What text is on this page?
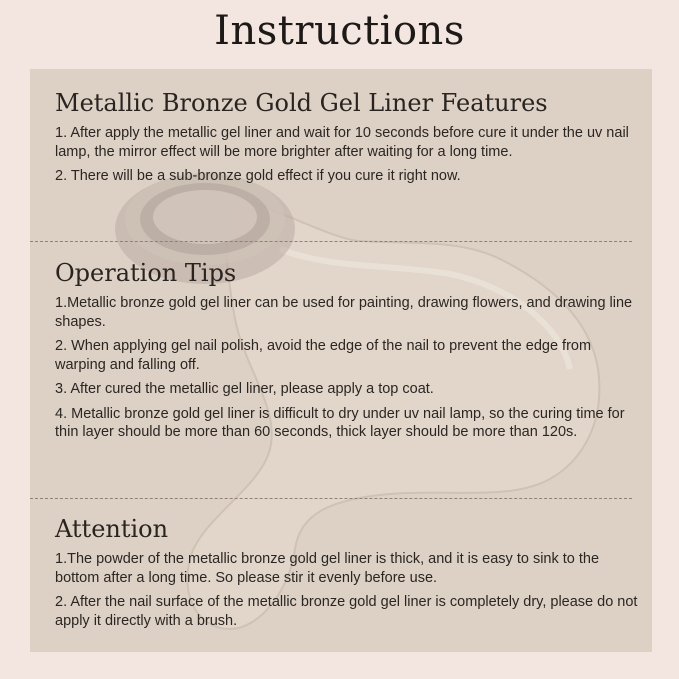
Instructions
Metallic Bronze Gold Gel Liner Features

1. After apply the metallic gel liner and wait for 10 seconds before cure it under the uv nail lamp, the mirror effect will be more brighter after waiting for a long time.

2. There will be a sub-bronze gold effect if you cure it right now.

Operation Tips

1.Metallic bronze gold gel liner can be used for painting, drawing flowers, and drawing line shapes.

2. When applying gel nail polish, avoid the edge of the nail to prevent the edge from warping and falling off.

3. After cured the metallic gel liner, please apply a top coat.

4. Metallic bronze gold gel liner is difficult to dry under uv nail lamp, so the curing time for thin layer should be more than 60 seconds, thick layer should be more than 120s.

Attention

1.The powder of the metallic bronze gold gel liner is thick, and it is easy to sink to the bottom after a long time. So please stir it evenly before use.

2. After the nail surface of the metallic bronze gold gel liner is completely dry, please do not apply it directly with a brush.
